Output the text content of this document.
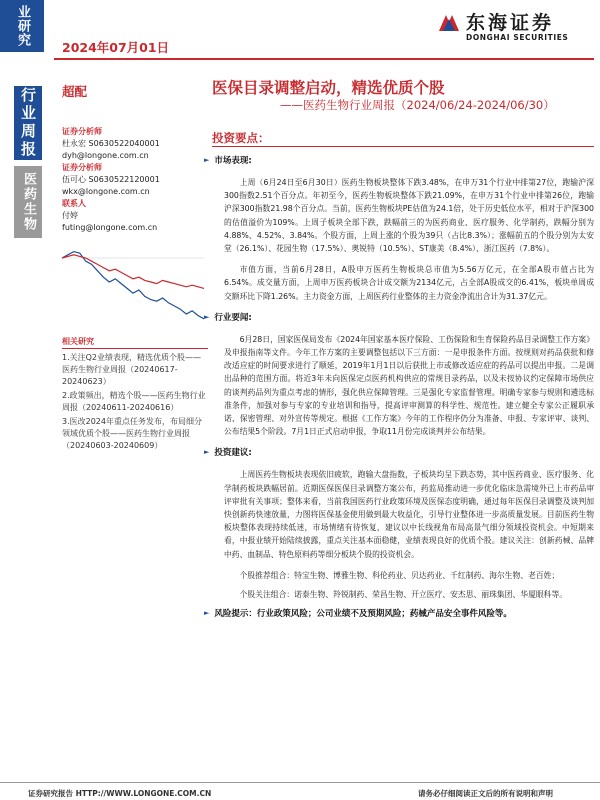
业研究
2024年07月01日
东海证券
DONGHAI SECURITIES
行业周报
医药生物
超配
证券分析师
杜永宏 S0630522040001
dyh@longone.com.cn
证券分析师
伍可心 S0630522120001
wkx@longone.com.cn
联系人
付婷
futing@longone.com.cn
相关研究
1.关注Q2业绩表现，精选优质个股——医药生物行业周报（20240617-20240623）
2.政策频出，精选个股——医药生物行业周报（20240611-20240616）
3.医改2024年重点任务发布，布局细分领域优质个股——医药生物行业周报（20240603-20240609）
医保目录调整启动，精选优质个股
——医药生物行业周报（2024/06/24-2024/06/30）
投资要点：
► 市场表现:

上周（6月24日至6月30日）医药生物板块整体下跌3.48%，在申万31个行业中排第27位，跑输沪深300指数2.51个百分点。年初至今，医药生物板块整体下跌21.09%，在申万31个行业中排第26位，跑输沪深300指数21.98个百分点。当前，医药生物板块PE估值为24.1倍，处于历史低位水平，相对于沪深300的估值溢价为109%。上周子板块全部下跌，跌幅前三的为医药商业、医疗服务、化学制药，跌幅分别为4.88%、4.52%、3.84%。个股方面，上周上涨的个股为39只（占比8.3%）；涨幅前五的个股分别为太安堂（26.1%）、花园生物（17.5%）、奥锐特（10.5%）、ST康美（8.4%）、浙江医药（7.8%）。

市值方面，当前6月28日，A股申万医药生物板块总市值为5.56万亿元，在全部A股市值占比为6.54%。成交量方面，上周申万医药板块合计成交额为2134亿元，占全部A股成交的6.41%，板块单周成交额环比下降1.26%。主力资金方面，上周医药行业整体的主力资金净流出合计为31.37亿元。

► 行业要闻:

6月28日，国家医保局发布《2024年国家基本医疗保险、工伤保险和生育保险药品目录调整工作方案》及申报指南等文件。今年工作方案的主要调整包括以下三方面：一是申报条件方面。按规则对药品获批和修改适应症的时间要求进行了顺延，2019年1月1日以后获批上市或修改适应症的药品可以提出申报。二是调出品种的范围方面。将近3年未向医保定点医药机构供应的常规目录药品，以及未按协议约定保障市场供应的谈判药品列为重点考虑的情形，强化供应保障管理。三是强化专家监督管理。明确专家参与规则和遴选标准条件，加强对参与专家的专业培训和指导，提高评审测算的科学性、规范性。建立健全专家公正履职承诺、保密管理、对外宣传等规定。根据《工作方案》今年的工作程序仍分为准备、申报、专家评审、谈判、公布结果5个阶段。7月1日正式启动申报，争取11月份完成谈判并公布结果。

► 投资建议:

上周医药生物板块表现依旧疲软，跑输大盘指数，子板块均呈下跌态势，其中医药商业、医疗服务、化学制药板块跌幅居前。近期医保医保目录调整方案公布，药监局推动进一步优化临床急需境外已上市药品审评审批有关事项；整体来看，当前我国医药行业政策环境及医保态度明确，通过每年医保目录调整及谈判加快创新药快速放量，力图将医保基金使用做到最大收益化，引导行业整体进一步高质量发展。目前医药生物板块整体表现持续低迷，市场情绪有待恢复，建议以中长线视角布局高景气细分领域投资机会。中短期来看，中报业绩开始陆续披露，重点关注基本面稳健，业绩表现良好的优质个股。建议关注：创新药械、品牌中药、血制品、特色原料药等细分板块个股的投资机会。

个股推荐组合：特宝生物、博雅生物、科伦药业、贝达药业、千红制药、海尔生物、老百姓；

个股关注组合：诺泰生物、羚锐制药、荣昌生物、开立医疗、安杰思、丽珠集团、华厦眼科等。

► 风险提示：行业政策风险；公司业绩不及预期风险；药械产品安全事件风险等。
证券研究报告 HTTP://WWW.LONGONE.COM.CN	请务必仔细阅读正文后的所有说明和声明
